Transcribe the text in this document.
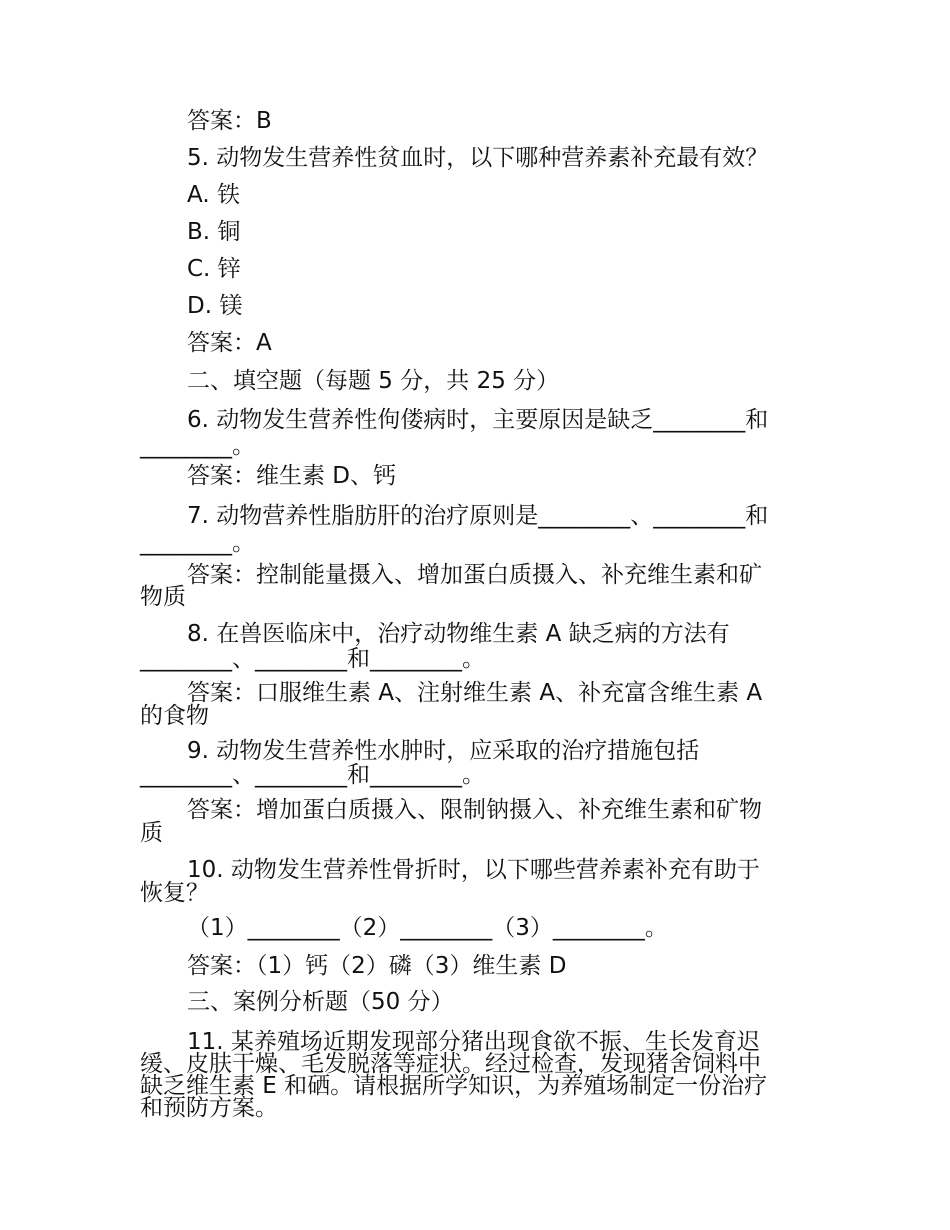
答案：B
5. 动物发生营养性贫血时，以下哪种营养素补充最有效？
A. 铁
B. 铜
C. 锌
D. 镁
答案：A
二、填空题（每题 5 分，共 25 分）
6. 动物发生营养性佝偻病时，主要原因是缺乏________和
________。
答案：维生素 D、钙
7. 动物营养性脂肪肝的治疗原则是________、________和
________。
答案：控制能量摄入、增加蛋白质摄入、补充维生素和矿
物质
8. 在兽医临床中，治疗动物维生素 A 缺乏病的方法有
________、________和________。
答案：口服维生素 A、注射维生素 A、补充富含维生素 A
的食物
9. 动物发生营养性水肿时，应采取的治疗措施包括
________、________和________。
答案：增加蛋白质摄入、限制钠摄入、补充维生素和矿物
质
10. 动物发生营养性骨折时，以下哪些营养素补充有助于
恢复？
（1）________（2）________（3）________。
答案：（1）钙（2）磷（3）维生素 D
三、案例分析题（50 分）
11. 某养殖场近期发现部分猪出现食欲不振、生长发育迟
缓、皮肤干燥、毛发脱落等症状。经过检查，发现猪舍饲料中
缺乏维生素 E 和硒。请根据所学知识，为养殖场制定一份治疗
和预防方案。
